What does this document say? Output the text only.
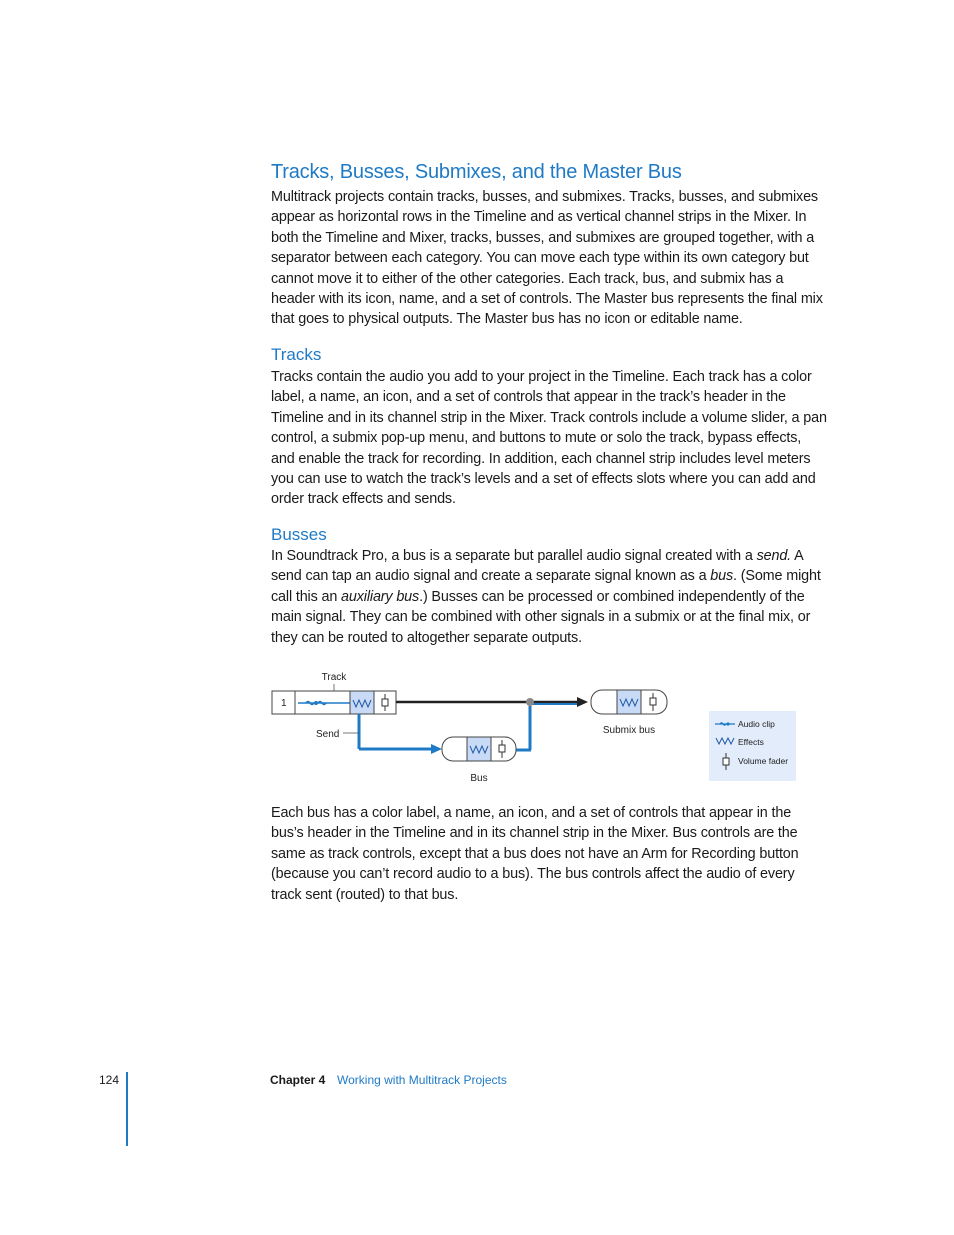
Tracks, Busses, Submixes, and the Master Bus

Multitrack projects contain tracks, busses, and submixes. Tracks, busses, and submixes appear as horizontal rows in the Timeline and as vertical channel strips in the Mixer. In both the Timeline and Mixer, tracks, busses, and submixes are grouped together, with a separator between each category. You can move each type within its own category but cannot move it to either of the other categories. Each track, bus, and submix has a header with its icon, name, and a set of controls. The Master bus represents the final mix that goes to physical outputs. The Master bus has no icon or editable name.

Tracks

Tracks contain the audio you add to your project in the Timeline. Each track has a color label, a name, an icon, and a set of controls that appear in the track’s header in the Timeline and in its channel strip in the Mixer. Track controls include a volume slider, a pan control, a submix pop-up menu, and buttons to mute or solo the track, bypass effects, and enable the track for recording. In addition, each channel strip includes level meters you can use to watch the track’s levels and a set of effects slots where you can add and order track effects and sends.

Busses

In Soundtrack Pro, a bus is a separate but parallel audio signal created with a send. A send can tap an audio signal and create a separate signal known as a bus. (Some might call this an auxiliary bus.) Busses can be processed or combined independently of the main signal. They can be combined with other signals in a submix or at the final mix, or they can be routed to altogether separate outputs.

Track
1
Submix bus
Send
Bus
Audio clip
Effects
Volume fader

Each bus has a color label, a name, an icon, and a set of controls that appear in the bus’s header in the Timeline and in its channel strip in the Mixer. Bus controls are the same as track controls, except that a bus does not have an Arm for Recording button (because you can’t record audio to a bus). The bus controls affect the audio of every track sent (routed) to that bus.

124	Chapter 4 Working with Multitrack Projects
